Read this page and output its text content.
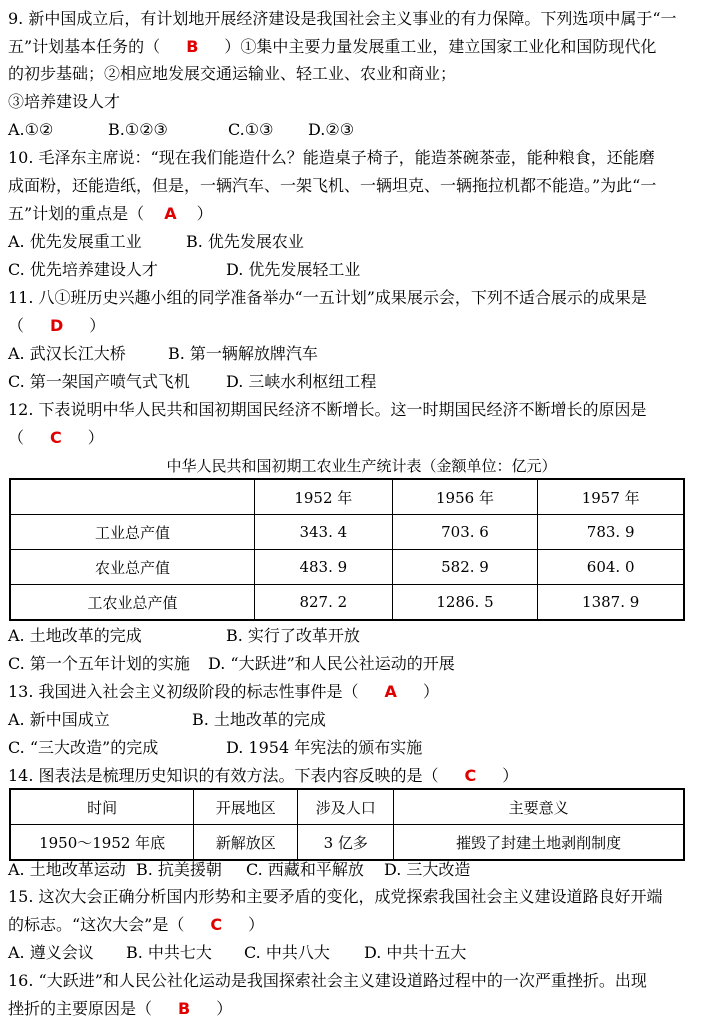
9. 新中国成立后，有计划地开展经济建设是我国社会主义事业的有力保障。下列选项中属于“一
五”计划基本任务的（ B ）①集中主要力量发展重工业，建立国家工业化和国防现代化
的初步基础；②相应地发展交通运输业、轻工业、农业和商业；
③培养建设人才
A.①②	B.①②③	C.①③ D.②③
10. 毛泽东主席说：“现在我们能造什么？能造桌子椅子，能造茶碗茶壶，能种粮食，还能磨
成面粉，还能造纸，但是，一辆汽车、一架飞机、一辆坦克、一辆拖拉机都不能造。”为此“一
五”计划的重点是（ A ）
A. 优先发展重工业	B. 优先发展农业
C. 优先培养建设人才	D. 优先发展轻工业
11. 八①班历史兴趣小组的同学准备举办“一五计划”成果展示会，下列不适合展示的成果是
（ D ）
A. 武汉长江大桥	B. 第一辆解放牌汽车
C. 第一架国产喷气式飞机 D. 三峡水利枢纽工程
12. 下表说明中华人民共和国初期国民经济不断增长。这一时期国民经济不断增长的原因是
（ C ）
中华人民共和国初期工农业生产统计表（金额单位：亿元）
	1952 年	1956 年	1957 年
工业总产值	343. 4	703. 6	783. 9
农业总产值	483. 9	582. 9	604. 0
工农业总产值	827. 2	1286. 5	1387. 9
A. 土地改革的完成	B. 实行了改革开放
C. 第一个五年计划的实施 D. “大跃进”和人民公社运动的开展
13. 我国进入社会主义初级阶段的标志性事件是（ A ）
A. 新中国成立	B. 土地改革的完成
C. “三大改造”的完成	D. 1954 年宪法的颁布实施
14. 图表法是梳理历史知识的有效方法。下表内容反映的是（ C ）
时间	开展地区	涉及人口	主要意义
1950～1952 年底	新解放区	3 亿多	摧毁了封建土地剥削制度
A. 土地改革运动 B. 抗美援朝 C. 西藏和平解放 D. 三大改造
15. 这次大会正确分析国内形势和主要矛盾的变化，成党探索我国社会主义建设道路良好开端
的标志。“这次大会”是（ C ）
A. 遵义会议 B. 中共七大 C. 中共八大 D. 中共十五大
16. “大跃进”和人民公社化运动是我国探索社会主义建设道路过程中的一次严重挫折。出现
挫折的主要原因是（ B ）
